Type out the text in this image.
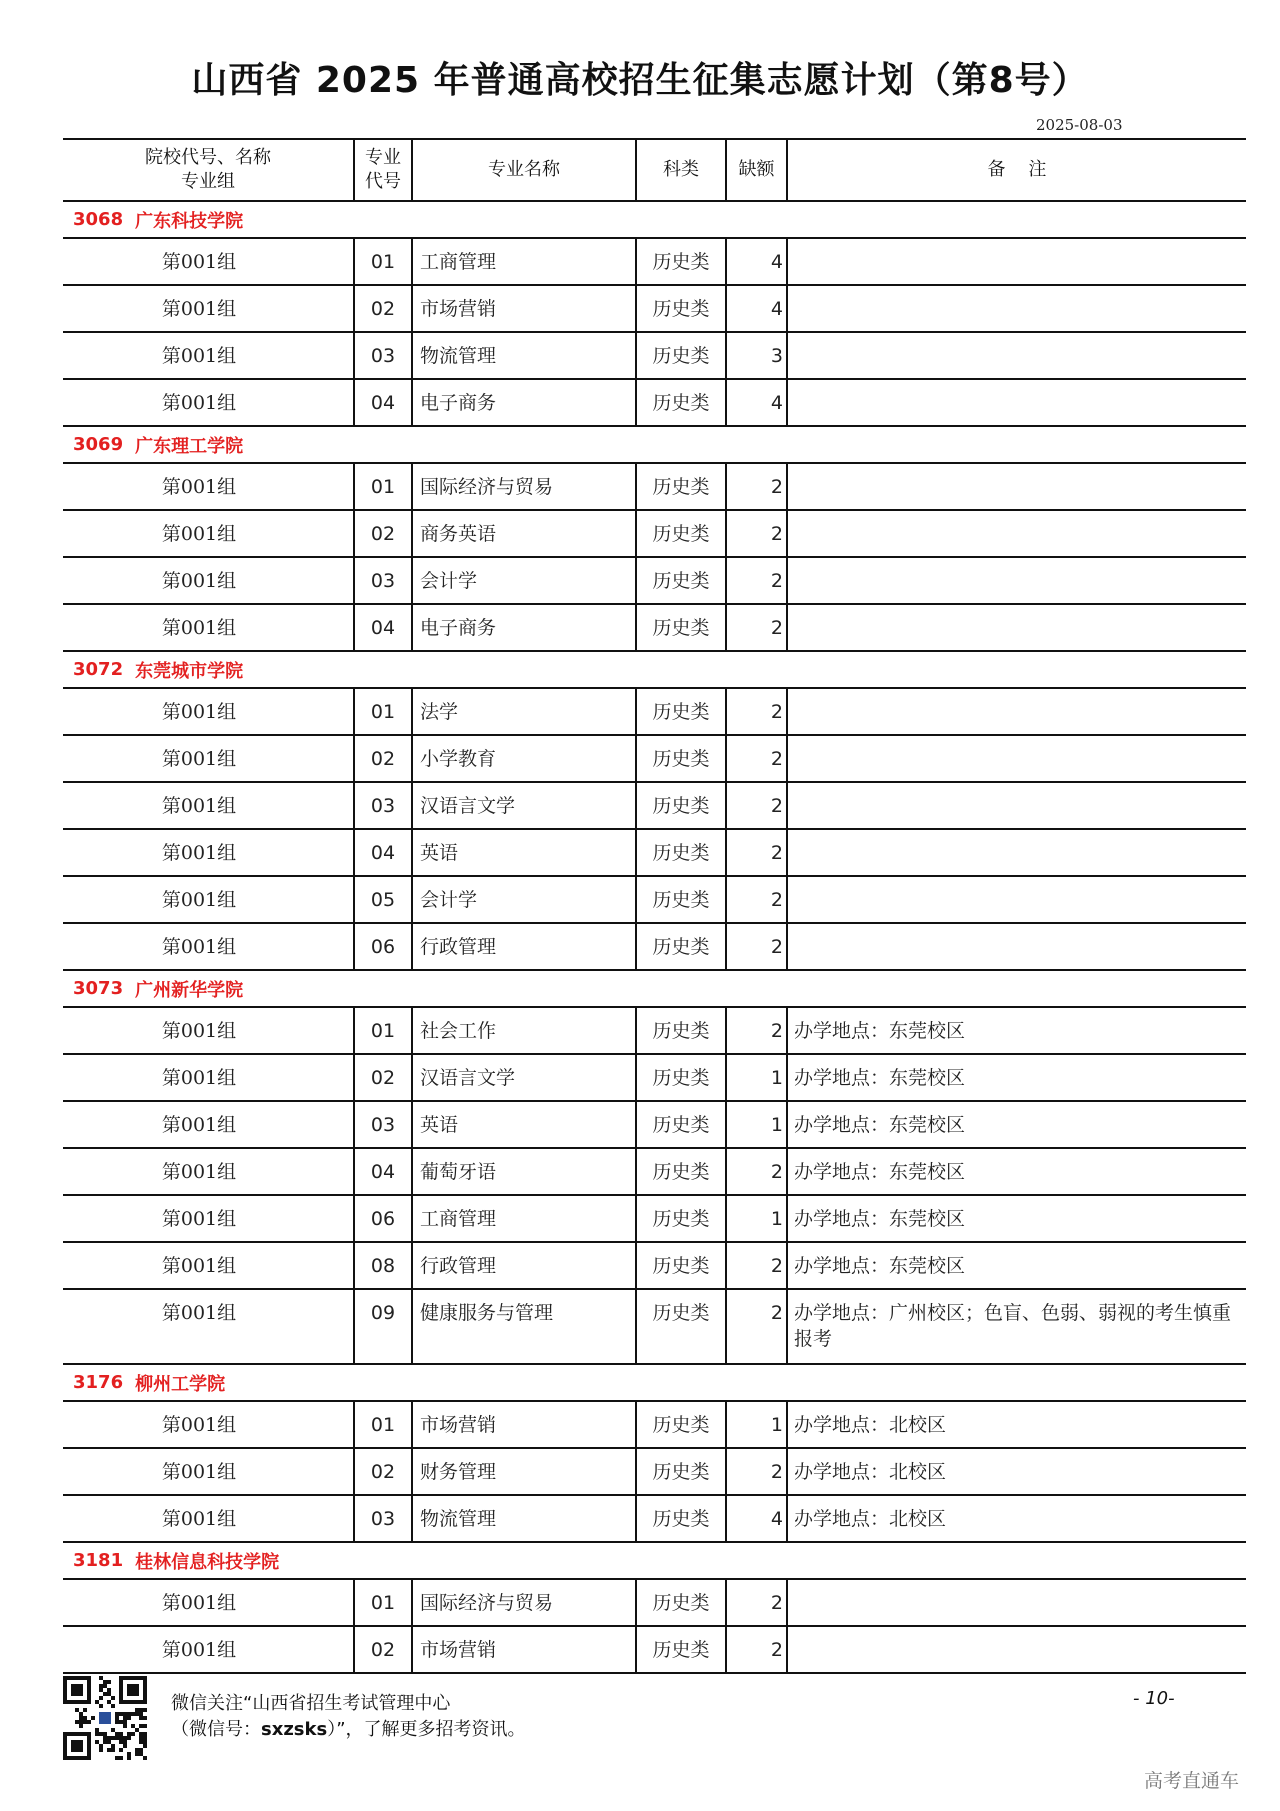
山西省 2025 年普通高校招生征集志愿计划（第8号）
2025-08-03
院校代号、名称
专业组
专业
代号
专业名称	科类 缺额	备    注
3068 广东科技学院
第001组	01	工商管理	历史类	4
第001组	02	市场营销	历史类	4
第001组	03	物流管理	历史类	3
第001组	04	电子商务	历史类	4
3069 广东理工学院
第001组	01	国际经济与贸易	历史类	2
第001组	02	商务英语	历史类	2
第001组	03	会计学	历史类	2
第001组	04	电子商务	历史类	2
3072 东莞城市学院
第001组	01	法学	历史类	2
第001组	02	小学教育	历史类	2
第001组	03	汉语言文学	历史类	2
第001组	04	英语	历史类	2
第001组	05	会计学	历史类	2
第001组	06	行政管理	历史类	2
3073 广州新华学院
第001组	01	社会工作	历史类	2 办学地点：东莞校区
第001组	02	汉语言文学	历史类	1 办学地点：东莞校区
第001组	03	英语	历史类	1 办学地点：东莞校区
第001组	04	葡萄牙语	历史类	2 办学地点：东莞校区
第001组	06	工商管理	历史类	1 办学地点：东莞校区
第001组	08	行政管理	历史类	2 办学地点：东莞校区
第001组	09	健康服务与管理	历史类	2 办学地点：广州校区；色盲、色弱、弱视的考生慎重报考
3176 柳州工学院
第001组	01	市场营销	历史类	1 办学地点：北校区
第001组	02	财务管理	历史类	2 办学地点：北校区
第001组	03	物流管理	历史类	4 办学地点：北校区
3181 桂林信息科技学院
第001组	01	国际经济与贸易	历史类	2
第001组	02	市场营销	历史类	2
微信关注“山西省招生考试管理中心
（微信号：sxzsks）”，了解更多招考资讯。
- 10-
高考直通车
